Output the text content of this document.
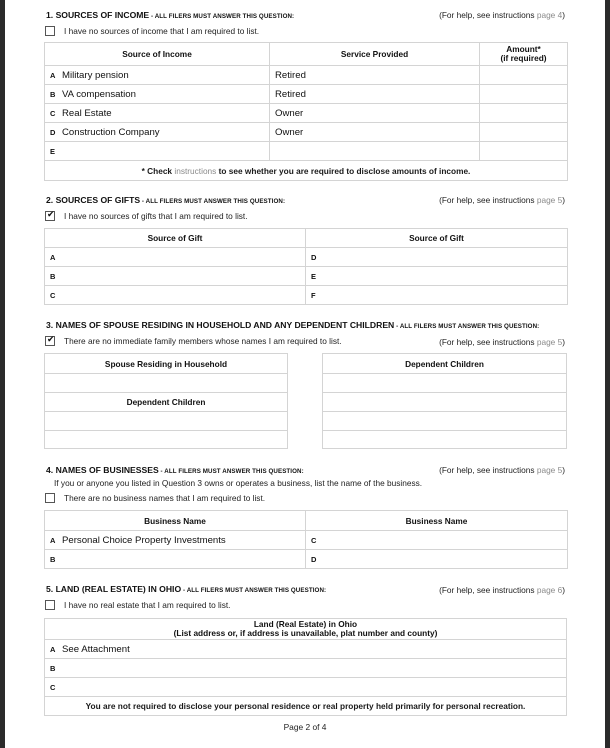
1. SOURCES OF INCOME - ALL FILERS MUST ANSWER THIS QUESTION:	(For help, see instructions page 4)
I have no sources of income that I am required to list.
Source of Income	Service Provided	Amount*
(if required)
A Military pension	Retired	
B VA compensation	Retired	
C Real Estate	Owner	
D Construction Company	Owner	
E		
* Check instructions to see whether you are required to disclose amounts of income.		
2. SOURCES OF GIFTS - ALL FILERS MUST ANSWER THIS QUESTION:	(For help, see instructions page 5)
✔
I have no sources of gifts that I am required to list.
Source of Gift	Source of Gift
A	D
B	E
C	F
3. NAMES OF SPOUSE RESIDING IN HOUSEHOLD AND ANY DEPENDENT CHILDREN - ALL FILERS MUST ANSWER THIS QUESTION:
✔
There are no immediate family members whose names I am required to list.	(For help, see instructions page 5)
Spouse Residing in Household

Dependent Children

Dependent Children

4. NAMES OF BUSINESSES - ALL FILERS MUST ANSWER THIS QUESTION:	(For help, see instructions page 5)
If you or anyone you listed in Question 3 owns or operates a business, list the name of the business.
There are no business names that I am required to list.
Business Name	Business Name
A Personal Choice Property Investments	C
B	D
5. LAND (REAL ESTATE) IN OHIO - ALL FILERS MUST ANSWER THIS QUESTION:	(For help, see instructions page 6)
I have no real estate that I am required to list.
Land (Real Estate) in Ohio
(List address or, if address is unavailable, plat number and county)
A See Attachment
B
C
You are not required to disclose your personal residence or real property held primarily for personal recreation.
Page 2 of 4
